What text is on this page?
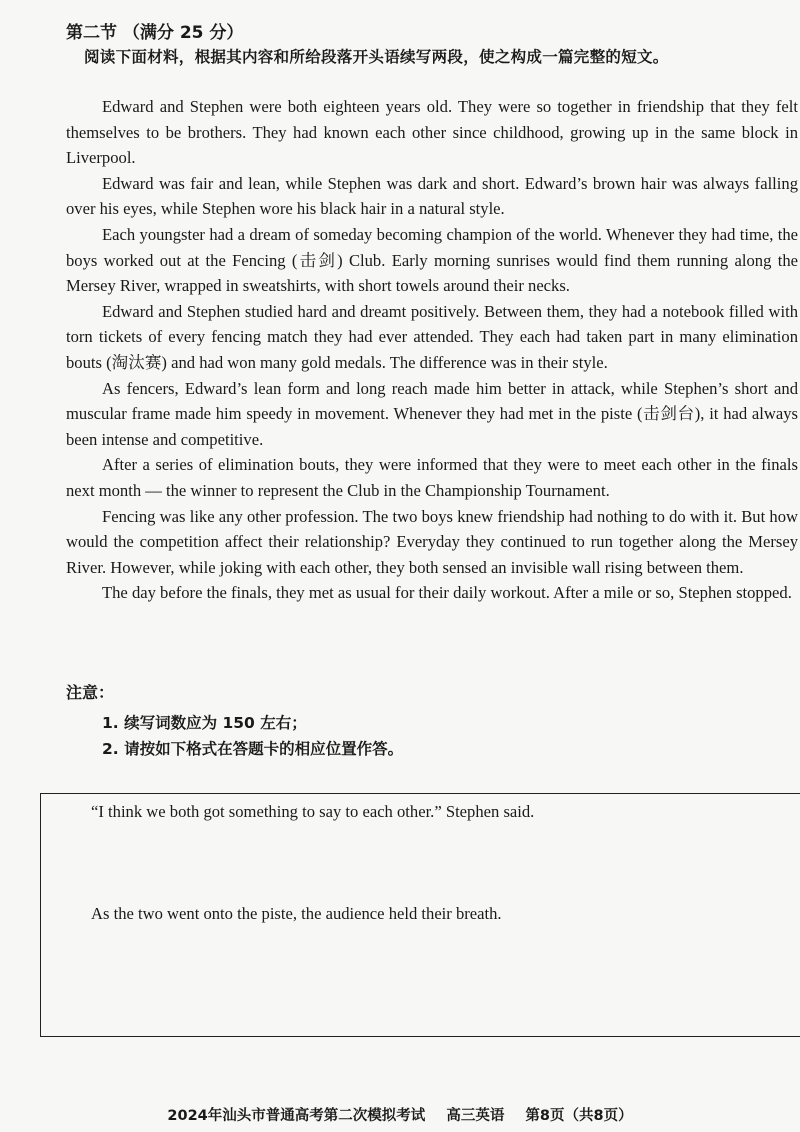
第二节 （满分 25 分）
阅读下面材料，根据其内容和所给段落开头语续写两段，使之构成一篇完整的短文。

Edward and Stephen were both eighteen years old. They were so together in friendship that they felt themselves to be brothers. They had known each other since childhood, growing up in the same block in Liverpool.

Edward was fair and lean, while Stephen was dark and short. Edward’s brown hair was always falling over his eyes, while Stephen wore his black hair in a natural style.

Each youngster had a dream of someday becoming champion of the world. Whenever they had time, the boys worked out at the Fencing (击剑) Club. Early morning sunrises would find them running along the Mersey River, wrapped in sweatshirts, with short towels around their necks.

Edward and Stephen studied hard and dreamt positively. Between them, they had a notebook filled with torn tickets of every fencing match they had ever attended. They each had taken part in many elimination bouts (淘汰赛) and had won many gold medals. The difference was in their style.

As fencers, Edward’s lean form and long reach made him better in attack, while Stephen’s short and muscular frame made him speedy in movement. Whenever they had met in the piste (击剑台), it had always been intense and competitive.

After a series of elimination bouts, they were informed that they were to meet each other in the finals next month — the winner to represent the Club in the Championship Tournament.

Fencing was like any other profession. The two boys knew friendship had nothing to do with it. But how would the competition affect their relationship? Everyday they continued to run together along the Mersey River. However, while joking with each other, they both sensed an invisible wall rising between them.

The day before the finals, they met as usual for their daily workout. After a mile or so, Stephen stopped.

注意：
1. 续写词数应为 150 左右；
2. 请按如下格式在答题卡的相应位置作答。
“I think we both got something to say to each other.” Stephen said.
As the two went onto the piste, the audience held their breath.
2024年汕头市普通高考第二次模拟考试 高三英语 第8页（共8页）
